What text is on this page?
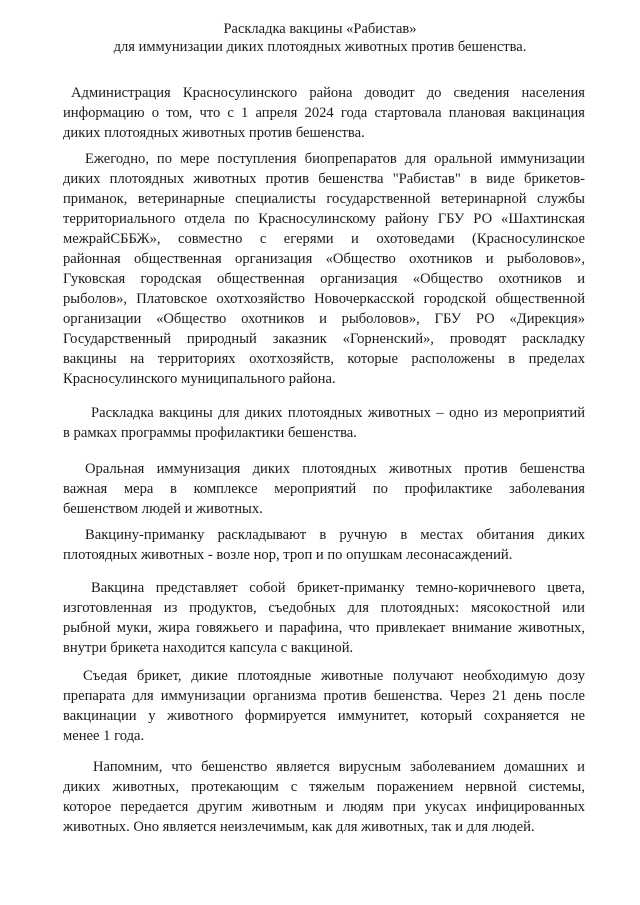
Раскладка вакцины «Рабистав»
для иммунизации диких плотоядных животных против бешенства.
Администрация Красносулинского района доводит до сведения населения
информацию о том, что с 1 апреля 2024 года стартовала плановая вакцинация
диких плотоядных животных против бешенства.
Ежегодно, по мере поступления биопрепаратов для оральной иммунизации
диких плотоядных животных против бешенства "Рабистав" в виде брикетов-
приманок, ветеринарные специалисты государственной ветеринарной службы
территориального отдела по Красносулинскому району ГБУ РО «Шахтинская
межрайСББЖ», совместно с егерями и охотоведами (Красносулинское
районная общественная организация «Общество охотников и рыболовов»,
Гуковская городская общественная организация «Общество охотников и
рыболов», Платовское охотхозяйство Новочеркасской городской общественной
организации «Общество охотников и рыболовов», ГБУ РО «Дирекция»
Государственный природный заказник «Горненский», проводят раскладку
вакцины на территориях охотхозяйств, которые расположены в пределах
Красносулинского муниципального района.
Раскладка вакцины для диких плотоядных животных – одно из мероприятий
в рамках программы профилактики бешенства.
Оральная иммунизация диких плотоядных животных против бешенства
важная мера в комплексе мероприятий по профилактике заболевания
бешенством людей и животных.
Вакцину-приманку раскладывают в ручную в местах обитания диких
плотоядных животных - возле нор, троп и по опушкам лесонасаждений.
Вакцина представляет собой брикет-приманку темно-коричневого цвета,
изготовленная из продуктов, съедобных для плотоядных: мясокостной или
рыбной муки, жира говяжьего и парафина, что привлекает внимание животных,
внутри брикета находится капсула с вакциной.
Съедая брикет, дикие плотоядные животные получают необходимую дозу
препарата для иммунизации организма против бешенства. Через 21 день после
вакцинации у животного формируется иммунитет, который сохраняется не
менее 1 года.
Напомним, что бешенство является вирусным заболеванием домашних и
диких животных, протекающим с тяжелым поражением нервной системы,
которое передается другим животным и людям при укусах инфицированных
животных. Оно является неизлечимым, как для животных, так и для людей.
